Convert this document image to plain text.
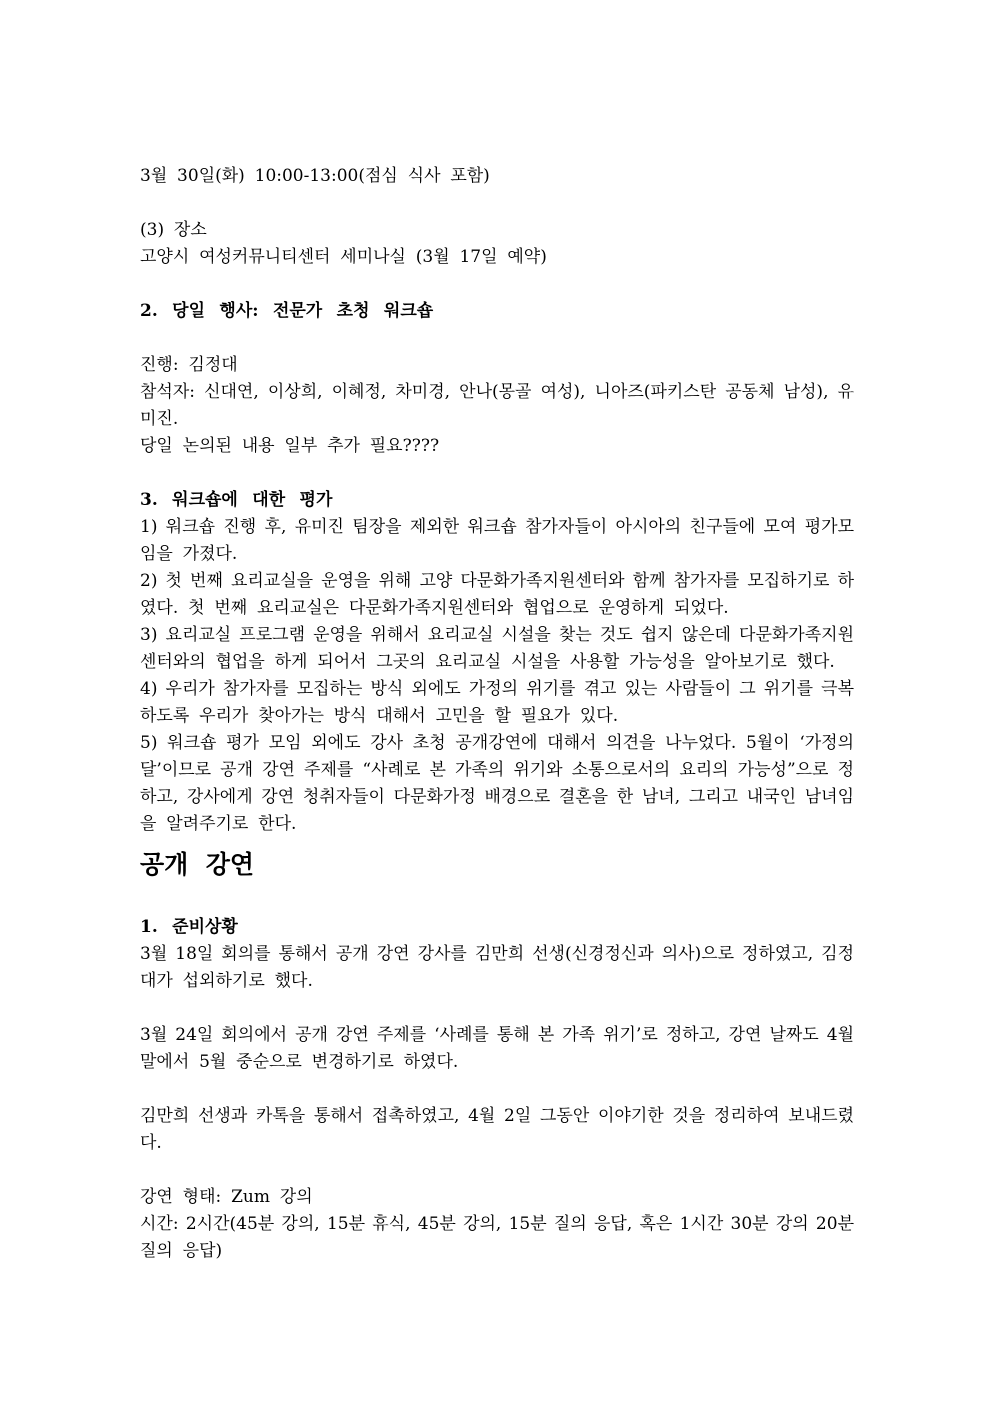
3월 30일(화) 10:00-13:00(점심 식사 포함)
(3) 장소
고양시 여성커뮤니티센터 세미나실 (3월 17일 예약)
2. 당일 행사: 전문가 초청 워크숍
진행: 김정대
참석자: 신대연, 이상희, 이혜정, 차미경, 안나(몽골 여성), 니아즈(파키스탄 공동체 남성), 유
미진.
당일 논의된 내용 일부 추가 필요????
3. 워크숍에 대한 평가
1) 워크숍 진행 후, 유미진 팀장을 제외한 워크숍 참가자들이 아시아의 친구들에 모여 평가모
임을 가졌다.
2) 첫 번째 요리교실을 운영을 위해 고양 다문화가족지원센터와 함께 참가자를 모집하기로 하
였다. 첫 번째 요리교실은 다문화가족지원센터와 협업으로 운영하게 되었다.
3) 요리교실 프로그램 운영을 위해서 요리교실 시설을 찾는 것도 쉽지 않은데 다문화가족지원
센터와의 협업을 하게 되어서 그곳의 요리교실 시설을 사용할 가능성을 알아보기로 했다.
4) 우리가 참가자를 모집하는 방식 외에도 가정의 위기를 겪고 있는 사람들이 그 위기를 극복
하도록 우리가 찾아가는 방식 대해서 고민을 할 필요가 있다.
5) 워크숍 평가 모임 외에도 강사 초청 공개강연에 대해서 의견을 나누었다. 5월이 ‘가정의
달’이므로 공개 강연 주제를 “사례로 본 가족의 위기와 소통으로서의 요리의 가능성”으로 정
하고, 강사에게 강연 청취자들이 다문화가정 배경으로 결혼을 한 남녀, 그리고 내국인 남녀임
을 알려주기로 한다.
공개 강연
1. 준비상황
3월 18일 회의를 통해서 공개 강연 강사를 김만희 선생(신경정신과 의사)으로 정하였고, 김정
대가 섭외하기로 했다.
3월 24일 회의에서 공개 강연 주제를 ‘사례를 통해 본 가족 위기’로 정하고, 강연 날짜도 4월
말에서 5월 중순으로 변경하기로 하였다.
김만희 선생과 카톡을 통해서 접촉하였고, 4월 2일 그동안 이야기한 것을 정리하여 보내드렸
다.
강연 형태: Zum 강의
시간: 2시간(45분 강의, 15분 휴식, 45분 강의, 15분 질의 응답, 혹은 1시간 30분 강의 20분
질의 응답)
